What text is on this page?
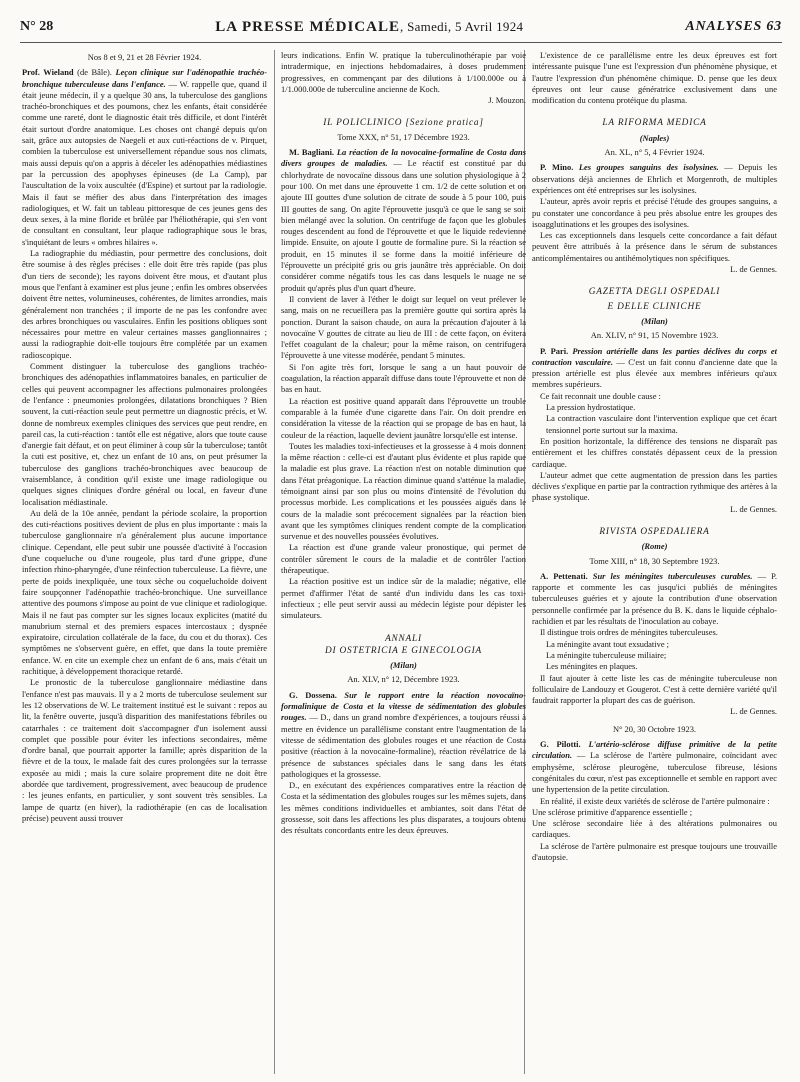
N° 28	LA PRESSE MÉDICALE, Samedi, 5 Avril 1924	ANALYSES 63

Nos 8 et 9, 21 et 28 Février 1924.

Prof. Wieland (de Bâle). Leçon clinique sur l'adénopathie trachéo-bronchique tuberculeuse dans l'enfance. — W. rappelle que, quand il était jeune médecin, il y a quelque 30 ans, la tuberculose des ganglions trachéo-bronchiques et des poumons, chez les enfants, était considérée comme une rareté, dont le diagnostic était très difficile, et dont l'intérêt était surtout d'ordre anatomique. Les choses ont changé depuis qu'on sait, grâce aux autopsies de Naegeli et aux cuti-réactions de v. Pirquet, combien la tuberculose est universellement répandue sous nos climats, mais aussi depuis qu'on a appris à déceler les adénopathies médiastines par la percussion des apophyses épineuses (de La Camp), par l'auscultation de la voix auscultée (d'Espine) et surtout par la radiologie. Mais il faut se méfier des abus dans l'interprétation des images radiologiques, et W. fait un tableau pittoresque de ces jeunes gens des deux sexes, à la mine floride et brûlée par l'héliothérapie, qui s'en vont de consultant en consultant, leur plaque radiographique sous le bras, s'inquiétant de leurs « ombres hilaires ».

La radiographie du médiastin, pour permettre des conclusions, doit être soumise à des règles précises : elle doit être très rapide (pas plus d'un tiers de seconde); les rayons doivent être mous, et d'autant plus mous que l'enfant à examiner est plus jeune ; enfin les ombres observées doivent être nettes, volumineuses, cohérentes, de limites arrondies, mais généralement non tranchées ; il importe de ne pas les confondre avec des arbres bronchiques ou vasculaires. Enfin les positions obliques sont nécessaires pour mettre en valeur certaines masses ganglionnaires ; aussi la radiographie doit-elle toujours être complétée par un examen radioscopique.

Comment distinguer la tuberculose des ganglions trachéo-bronchiques des adénopathies inflammatoires banales, en particulier de celles qui peuvent accompagner les affections pulmonaires prolongées de l'enfance : pneumonies prolongées, dilatations bronchiques ? Bien souvent, la cuti-réaction seule peut permettre un diagnostic précis, et W. donne de nombreux exemples cliniques des services que peut rendre, en pareil cas, la cuti-réaction : tantôt elle est négative, alors que toute cause d'anergie fait défaut, et on peut éliminer à coup sûr la tuberculose; tantôt la cuti est positive, et, chez un enfant de 10 ans, on peut présumer la tuberculose des ganglions trachéo-bronchiques avec beaucoup de vraisemblance, à condition qu'il existe une image radiologique ou quelques signes cliniques d'ordre général ou local, en faveur d'une localisation médiastinale.

Au delà de la 10e année, pendant la période scolaire, la proportion des cuti-réactions positives devient de plus en plus importante : mais la tuberculose ganglionnaire n'a généralement plus aucune importance clinique. Cependant, elle peut subir une poussée d'activité à l'occasion d'une coqueluche ou d'une rougeole, plus tard d'une grippe, d'une infection rhino-pharyngée, d'une réinfection tuberculeuse. La fièvre, une perte de poids inexpliquée, une toux sèche ou coqueluchoïde doivent faire soupçonner l'adénopathie trachéo-bronchique. Une surveillance attentive des poumons s'impose au point de vue clinique et radiologique. Mais il ne faut pas compter sur les signes locaux explicites (matité du manubrium sternal et des premiers espaces intercostaux ; dyspnée expiratoire, circulation collatérale de la face, du cou et du thorax). Ces symptômes ne s'observent guère, en effet, que dans la toute première enfance. W. en cite un exemple chez un enfant de 6 ans, mais c'était un rachitique, à développement thoracique retardé.

Le pronostic de la tuberculose ganglionnaire médiastine dans l'enfance n'est pas mauvais. Il y a 2 morts de tuberculose seulement sur les 12 observations de W. Le traitement institué est le suivant : repos au lit, la fenêtre ouverte, jusqu'à disparition des manifestations fébriles ou catarrhales : ce traitement doit s'accompagner d'un isolement aussi complet que possible pour éviter les infections secondaires, même d'ordre banal, que pourrait apporter la famille; après disparition de la fièvre et de la toux, le malade fait des cures prolongées sur la terrasse exposée au midi ; mais la cure solaire proprement dite ne doit être abordée que tardivement, progressivement, avec beaucoup de prudence : les jeunes enfants, en particulier, y sont souvent très sensibles. La lampe de quartz (en hiver), la radiothérapie (en cas de localisation précise) peuvent aussi trouver

leurs indications. Enfin W. pratique la tuberculinothérapie par voie intradermique, en injections hebdomadaires, à doses prudemment progressives, en commençant par des dilutions à 1/100.000e ou à 1/1.000.000e de tuberculine ancienne de Koch.

J. Mouzon.

IL POLICLINICO [Sezione pratica]

Tome XXX, n° 51, 17 Décembre 1923.

M. Bagliani. La réaction de la novocaïne-formaline de Costa dans divers groupes de maladies. — Le réactif est constitué par du chlorhydrate de novocaïne dissous dans une solution physiologique à 2 pour 100. On met dans une éprouvette 1 cm. 1/2 de cette solution et on ajoute III gouttes d'une solution de citrate de soude à 5 pour 100, puis III gouttes de sang. On agite l'éprouvette jusqu'à ce que le sang se soit bien mélangé avec la solution. On centrifuge de façon que les globules rouges descendent au fond de l'éprouvette et que le liquide redevienne limpide. Ensuite, on ajoute I goutte de formaline pure. Si la réaction se produit, en 15 minutes il se forme dans la moitié inférieure de l'éprouvette un précipité gris ou gris jaunâtre très appréciable. On doit considérer comme négatifs tous les cas dans lesquels le nuage ne se produit qu'après plus d'un quart d'heure.

Il convient de laver à l'éther le doigt sur lequel on veut prélever le sang, mais on ne recueillera pas la première goutte qui sortira après la ponction. Durant la saison chaude, on aura la précaution d'ajouter à la novocaïne V gouttes de citrate au lieu de III : de cette façon, on évitera l'effet coagulant de la chaleur; pour la même raison, on centrifugera l'éprouvette à une vitesse modérée, pendant 5 minutes.

Si l'on agite très fort, lorsque le sang a un haut pouvoir de coagulation, la réaction apparaît diffuse dans toute l'éprouvette et non de bas en haut.

La réaction est positive quand apparaît dans l'éprouvette un trouble comparable à la fumée d'une cigarette dans l'air. On doit prendre en considération la vitesse de la réaction qui se propage de bas en haut, la couleur de la réaction, laquelle devient jaunâtre lorsqu'elle est intense.

Toutes les maladies toxi-infectieuses et la grossesse à 4 mois donnent la même réaction : celle-ci est d'autant plus évidente et plus rapide que la maladie est plus grave. La réaction n'est on notable diminution que dans l'état préagonique. La réaction diminue quand s'atténue la maladie, témoignant ainsi par son plus ou moins d'intensité de l'évolution du processus morbide. Les complications et les poussées aiguës dans le cours de la maladie sont précocement signalées par la réaction bien avant que les symptômes cliniques rendent compte de la complication survenue et des nouvelles poussées évolutives.

La réaction est d'une grande valeur pronostique, qui permet de contrôler sûrement le cours de la maladie et de contrôler l'action thérapeutique.

La réaction positive est un indice sûr de la maladie; négative, elle permet d'affirmer l'état de santé d'un individu dans les cas toxi-infectieux ; elle peut servir aussi au médecin légiste pour dépister les simulateurs.

ANNALI

DI OSTETRICIA E GINECOLOGIA

(Milan)

An. XLV, n° 12, Décembre 1923.

G. Dossena. Sur le rapport entre la réaction novocaïno-formalinique de Costa et la vitesse de sédimentation des globules rouges. — D., dans un grand nombre d'expériences, a toujours réussi à mettre en évidence un parallélisme constant entre l'augmentation de la vitesse de sédimentation des globules rouges et une réaction de Costa positive (réaction à la novocaïne-formaline), réaction révélatrice de la présence de substances spéciales dans le sang dans les états pathologiques et la grossesse.

D., en exécutant des expériences comparatives entre la réaction de Costa et la sédimentation des globules rouges sur les mêmes sujets, dans les mêmes conditions individuelles et ambiantes, soit dans l'état de grossesse, soit dans les affections les plus disparates, a toujours obtenu des résultats concordants entre les deux épreuves.

L'existence de ce parallélisme entre les deux épreuves est fort intéressante puisque l'une est l'expression d'un phénomène physique, et l'autre l'expression d'un phénomène chimique. D. pense que les deux épreuves ont leur cause génératrice exclusivement dans une modification du contenu protéique du plasma.

LA RIFORMA MEDICA

(Naples)

An. XL, n° 5, 4 Février 1924.

P. Mino. Les groupes sanguins des isolysines. — Depuis les observations déjà anciennes de Ehrlich et Morgenroth, de multiples expériences ont été entreprises sur les isolysines.

L'auteur, après avoir repris et précisé l'étude des groupes sanguins, a pu constater une concordance à peu près absolue entre les groupes des isoagglutinations et les groupes des isolysines.

Les cas exceptionnels dans lesquels cette concordance a fait défaut peuvent être attribués à la présence dans le sérum de substances anticomplémentaires ou antihémolytiques non spécifiques.

L. de Gennes.

GAZETTA DEGLI OSPEDALI

E DELLE CLINICHE

(Milan)

An. XLIV, n° 91, 15 Novembre 1923.

P. Pari. Pression artérielle dans les parties déclives du corps et contraction vasculaire. — C'est un fait connu d'ancienne date que la pression artérielle est plus élevée aux membres inférieurs qu'aux membres supérieurs.

Ce fait reconnait une double cause :

La pression hydrostatique.

La contraction vasculaire dont l'intervention explique que cet écart tensionnel porte surtout sur la maxima.

En position horizontale, la différence des tensions ne disparaît pas entièrement et les chiffres constatés dépassent ceux de la pression cardiaque.

L'auteur admet que cette augmentation de pression dans les parties déclives s'explique en partie par la contraction rythmique des artères à la phase systolique.

L. de Gennes.

RIVISTA OSPEDALIERA

(Rome)

Tome XIII, n° 18, 30 Septembre 1923.

A. Pettenati. Sur les méningites tuberculeuses curables. — P. rapporte et commente les cas jusqu'ici publiés de méningites tuberculeuses guéries et y ajoute la contribution d'une observation personnelle confirmée par la présence du B. K. dans le liquide céphalo-rachidien et par les résultats de l'inoculation au cobaye.

Il distingue trois ordres de méningites tuberculeuses.

La méningite avant tout exsudative ;

La méningite tuberculeuse miliaire;

Les méningites en plaques.

Il faut ajouter à cette liste les cas de méningite tuberculeuse non folliculaire de Landouzy et Gougerot. C'est à cette dernière variété qu'il faudrait rapporter la plupart des cas de guérison.

L. de Gennes.

N° 20, 30 Octobre 1923.

G. Pilotti. L'artério-sclérose diffuse primitive de la petite circulation. — La sclérose de l'artère pulmonaire, coïncidant avec emphysème, sclérose pleurogène, tuberculose fibreuse, lésions congénitales du cœur, n'est pas exceptionnelle et semble en rapport avec une hypertension de la petite circulation.

En réalité, il existe deux variétés de sclérose de l'artère pulmonaire :

Une sclérose primitive d'apparence essentielle ;

Une sclérose secondaire liée à des altérations pulmonaires ou cardiaques.

La sclérose de l'artère pulmonaire est presque toujours une trouvaille d'autopsie.
